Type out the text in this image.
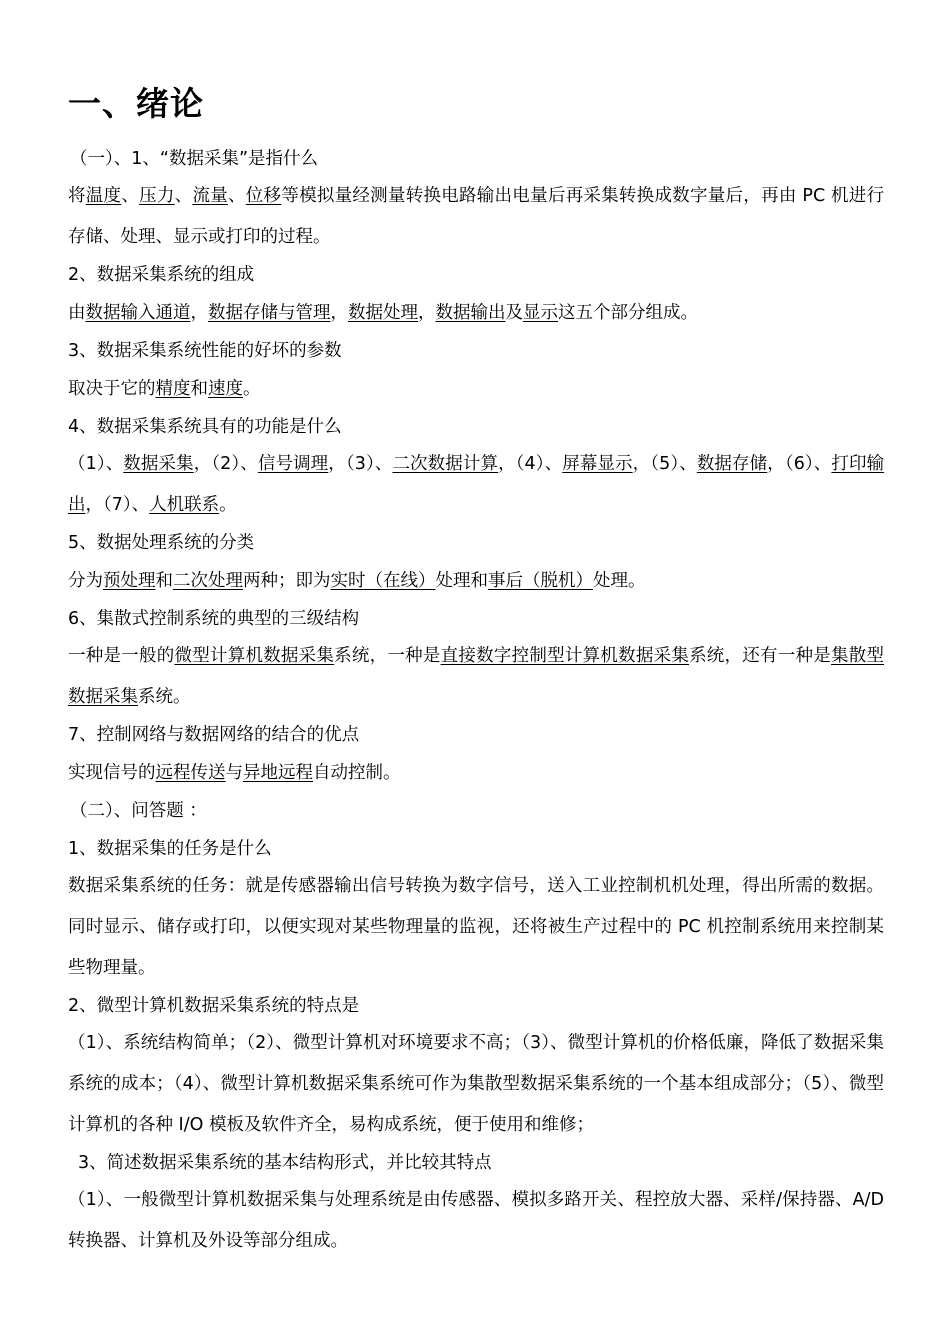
一、绪论
（一）、1、“数据采集”是指什么
将温度、压力、流量、位移等模拟量经测量转换电路输出电量后再采集转换成数字量后，再由 PC 机进行存储、处理、显示或打印的过程。
2、数据采集系统的组成
由数据输入通道，数据存储与管理，数据处理，数据输出及显示这五个部分组成。
3、数据采集系统性能的好坏的参数
取决于它的精度和速度。
4、数据采集系统具有的功能是什么
（1）、数据采集，（2）、信号调理，（3）、二次数据计算，（4）、屏幕显示，（5）、数据存储，（6）、打印输出，（7）、人机联系。
5、数据处理系统的分类
分为预处理和二次处理两种；即为实时（在线）处理和事后（脱机）处理。
6、集散式控制系统的典型的三级结构
一种是一般的微型计算机数据采集系统，一种是直接数字控制型计算机数据采集系统，还有一种是集散型数据采集系统。
7、控制网络与数据网络的结合的优点
实现信号的远程传送与异地远程自动控制。
（二）、问答题 ：
1、数据采集的任务是什么
数据采集系统的任务：就是传感器输出信号转换为数字信号，送入工业控制机机处理，得出所需的数据。同时显示、储存或打印，以便实现对某些物理量的监视，还将被生产过程中的 PC 机控制系统用来控制某些物理量。
2、微型计算机数据采集系统的特点是
（1）、系统结构简单；（2）、微型计算机对环境要求不高；（3）、微型计算机的价格低廉，降低了数据采集系统的成本；（4）、微型计算机数据采集系统可作为集散型数据采集系统的一个基本组成部分；（5）、微型计算机的各种 I/O 模板及软件齐全，易构成系统，便于使用和维修；
3、简述数据采集系统的基本结构形式，并比较其特点
（1）、一般微型计算机数据采集与处理系统是由传感器、模拟多路开关、程控放大器、采样/保持器、A/D 转换器、计算机及外设等部分组成。
